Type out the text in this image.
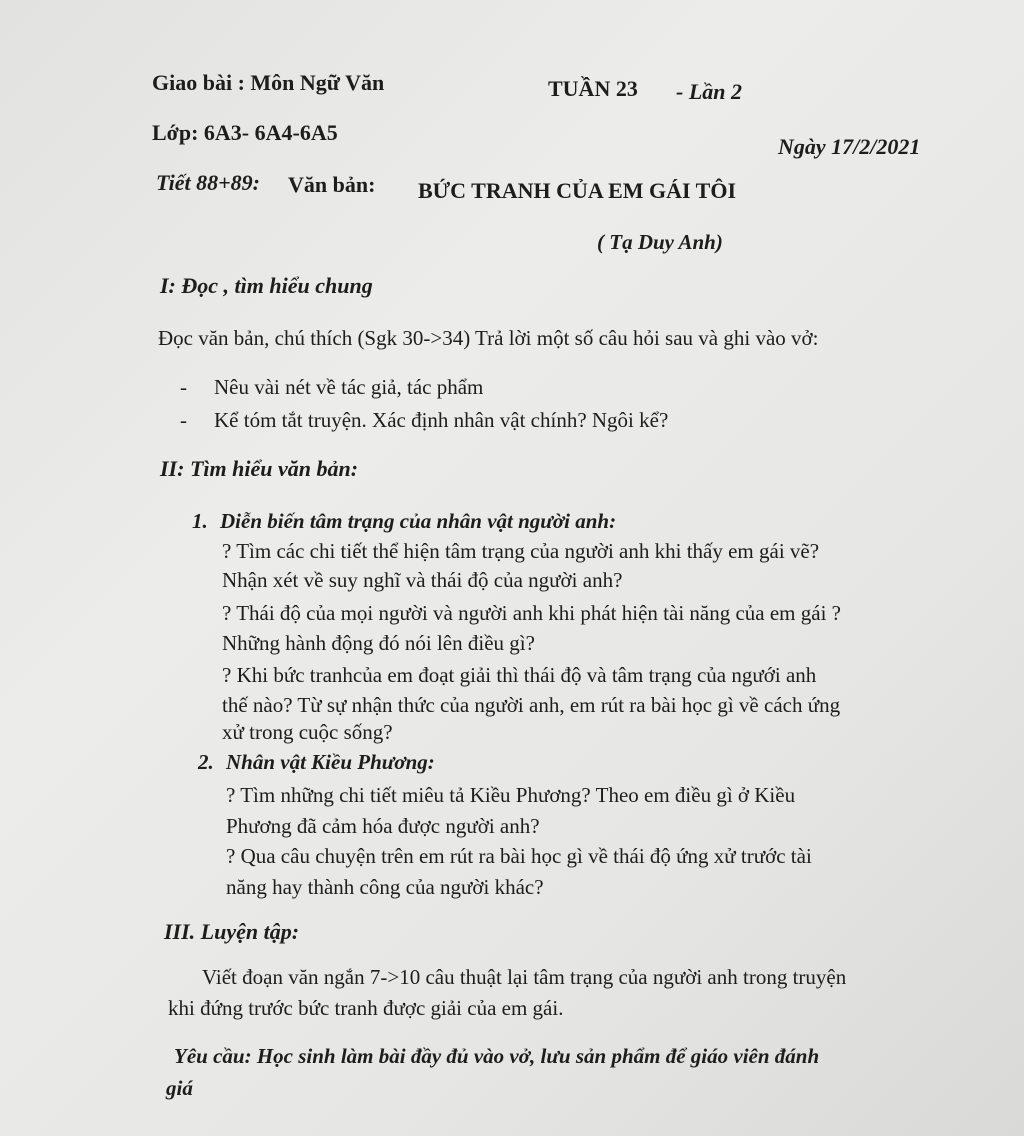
Giao bài : Môn Ngữ Văn	TUẦN 23 - Lần 2
Lớp: 6A3- 6A4-6A5
Ngày 17/2/2021
Tiết 88+89: Văn bản: BỨC TRANH CỦA EM GÁI TÔI
( Tạ Duy Anh)
I: Đọc , tìm hiểu chung
Đọc văn bản, chú thích (Sgk 30->34) Trả lời một số câu hỏi sau và ghi vào vở:
- Nêu vài nét về tác giả, tác phẩm
- Kể tóm tắt truyện. Xác định nhân vật chính? Ngôi kể?
II: Tìm hiểu văn bản:
1. Diễn biến tâm trạng của nhân vật người anh:
? Tìm các chi tiết thể hiện tâm trạng của người anh khi thấy em gái vẽ?
Nhận xét về suy nghĩ và thái độ của người anh?
? Thái độ của mọi người và người anh khi phát hiện tài năng của em gái ?
Những hành động đó nói lên điều gì?
? Khi bức tranhcủa em đoạt giải thì thái độ và tâm trạng của ngưới anh
thế nào? Từ sự nhận thức của người anh, em rút ra bài học gì về cách ứng
xử trong cuộc sống?
2. Nhân vật Kiều Phương:
? Tìm những chi tiết miêu tả Kiều Phương? Theo em điều gì ở Kiều
Phương đã cảm hóa được người anh?
? Qua câu chuyện trên em rút ra bài học gì về thái độ ứng xử trước tài
năng hay thành công của người khác?
III. Luyện tập:
Viết đoạn văn ngắn 7->10 câu thuật lại tâm trạng của người anh trong truyện
khi đứng trước bức tranh được giải của em gái.
Yêu cầu: Học sinh làm bài đầy đủ vào vở, lưu sản phẩm để giáo viên đánh
giá
